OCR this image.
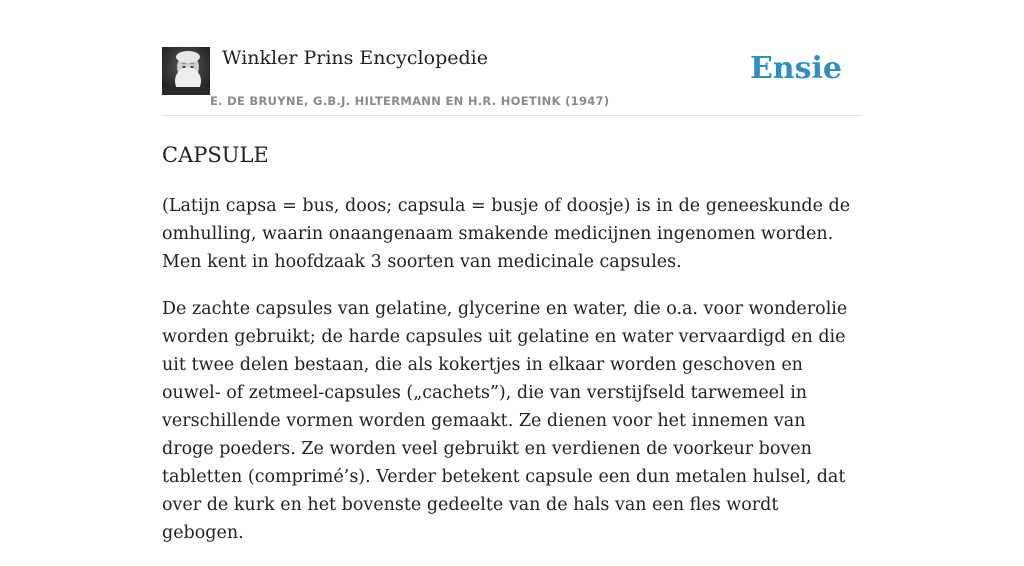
Winkler Prins Encyclopedie
E. DE BRUYNE, G.B.J. HILTERMANN EN H.R. HOETINK (1947)
Ensie
CAPSULE

(Latijn capsa = bus, doos; capsula = busje of doosje) is in de geneeskunde de omhulling, waarin onaangenaam smakende medicijnen ingenomen worden. Men kent in hoofdzaak 3 soorten van medicinale capsules.

De zachte capsules van gelatine, glycerine en water, die o.a. voor wonderolie worden gebruikt; de harde capsules uit gelatine en water vervaardigd en die uit twee delen bestaan, die als kokertjes in elkaar worden geschoven en ouwel- of zetmeel-capsules („cachets”), die van verstijfseld tarwemeel in verschillende vormen worden gemaakt. Ze dienen voor het innemen van droge poeders. Ze worden veel gebruikt en verdienen de voorkeur boven tabletten (comprimé’s). Verder betekent capsule een dun metalen hulsel, dat over de kurk en het bovenste gedeelte van de hals van een fles wordt gebogen.
